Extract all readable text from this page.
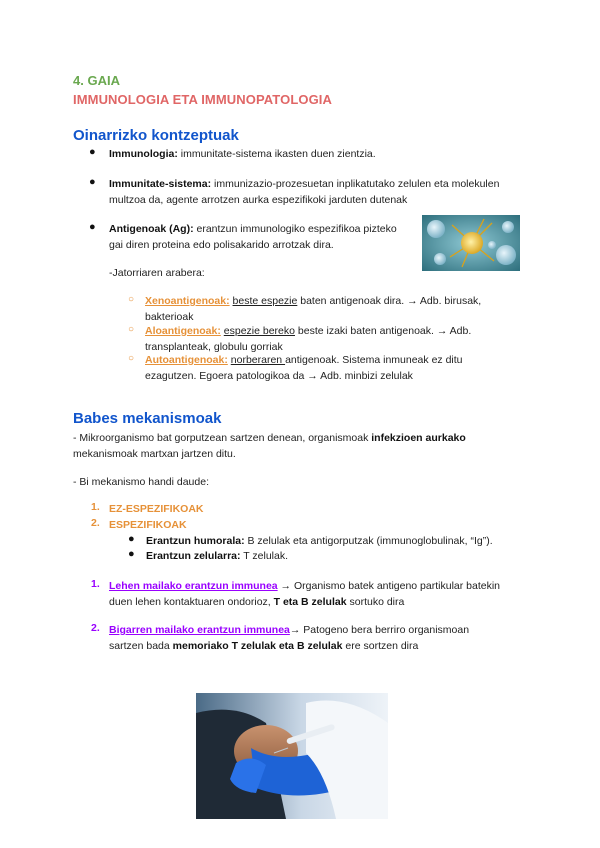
4. GAIA
IMMUNOLOGIA ETA IMMUNOPATOLOGIA
Oinarrizko kontzeptuak
● Immunologia: immunitate-sistema ikasten duen zientzia.
● Immunitate-sistema: immunizazio-prozesuetan inplikatutako zelulen eta molekulen
multzoa da, agente arrotzen aurka espezifikoki jarduten dutenak
● Antigenoak (Ag): erantzun immunologiko espezifikoa pizteko
gai diren proteina edo polisakarido arrotzak dira.
-Jatorriaren arabera:
○ Xenoantigenoak: beste espezie baten antigenoak dira. → Adb. birusak,
bakterioak
○ Aloantigenoak: espezie bereko beste izaki baten antigenoak. → Adb.
transplanteak, globulu gorriak
○ Autoantigenoak: norberaren antigenoak. Sistema inmuneak ez ditu
ezagutzen. Egoera patologikoa da → Adb. minbizi zelulak
Babes mekanismoak
- Mikroorganismo bat gorputzean sartzen denean, organismoak infekzioen aurkako
mekanismoak martxan jartzen ditu.
- Bi mekanismo handi daude:
1. EZ-ESPEZIFIKOAK
2. ESPEZIFIKOAK
● Erantzun humorala: B zelulak eta antigorputzak (immunoglobulinak, “Ig”).
● Erantzun zelularra: T zelulak.
1. Lehen mailako erantzun immunea → Organismo batek antigeno partikular batekin
duen lehen kontaktuaren ondorioz, T eta B zelulak sortuko dira
2. Bigarren mailako erantzun immunea→ Patogeno bera berriro organismoan
sartzen bada memoriako T zelulak eta B zelulak ere sortzen dira
